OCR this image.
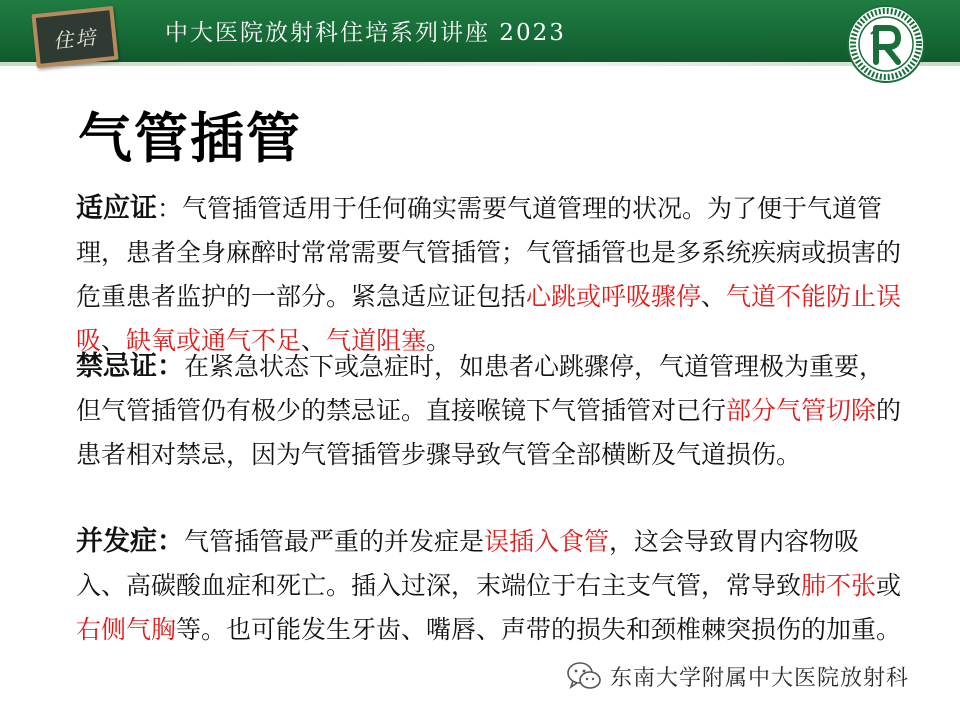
住培	中大医院放射科住培系列讲座 2023
气管插管

适应证：气管插管适用于任何确实需要气道管理的状况。为了便于气道管理，患者全身麻醉时常常需要气管插管；气管插管也是多系统疾病或损害的危重患者监护的一部分。紧急适应证包括心跳或呼吸骤停、气道不能防止误吸、缺氧或通气不足、气道阻塞。

禁忌证：在紧急状态下或急症时，如患者心跳骤停，气道管理极为重要，但气管插管仍有极少的禁忌证。直接喉镜下气管插管对已行部分气管切除的患者相对禁忌，因为气管插管步骤导致气管全部横断及气道损伤。

并发症：气管插管最严重的并发症是误插入食管，这会导致胃内容物吸入、高碳酸血症和死亡。插入过深，末端位于右主支气管，常导致肺不张或右侧气胸等。也可能发生牙齿、嘴唇、声带的损失和颈椎棘突损伤的加重。

东南大学附属中大医院放射科
